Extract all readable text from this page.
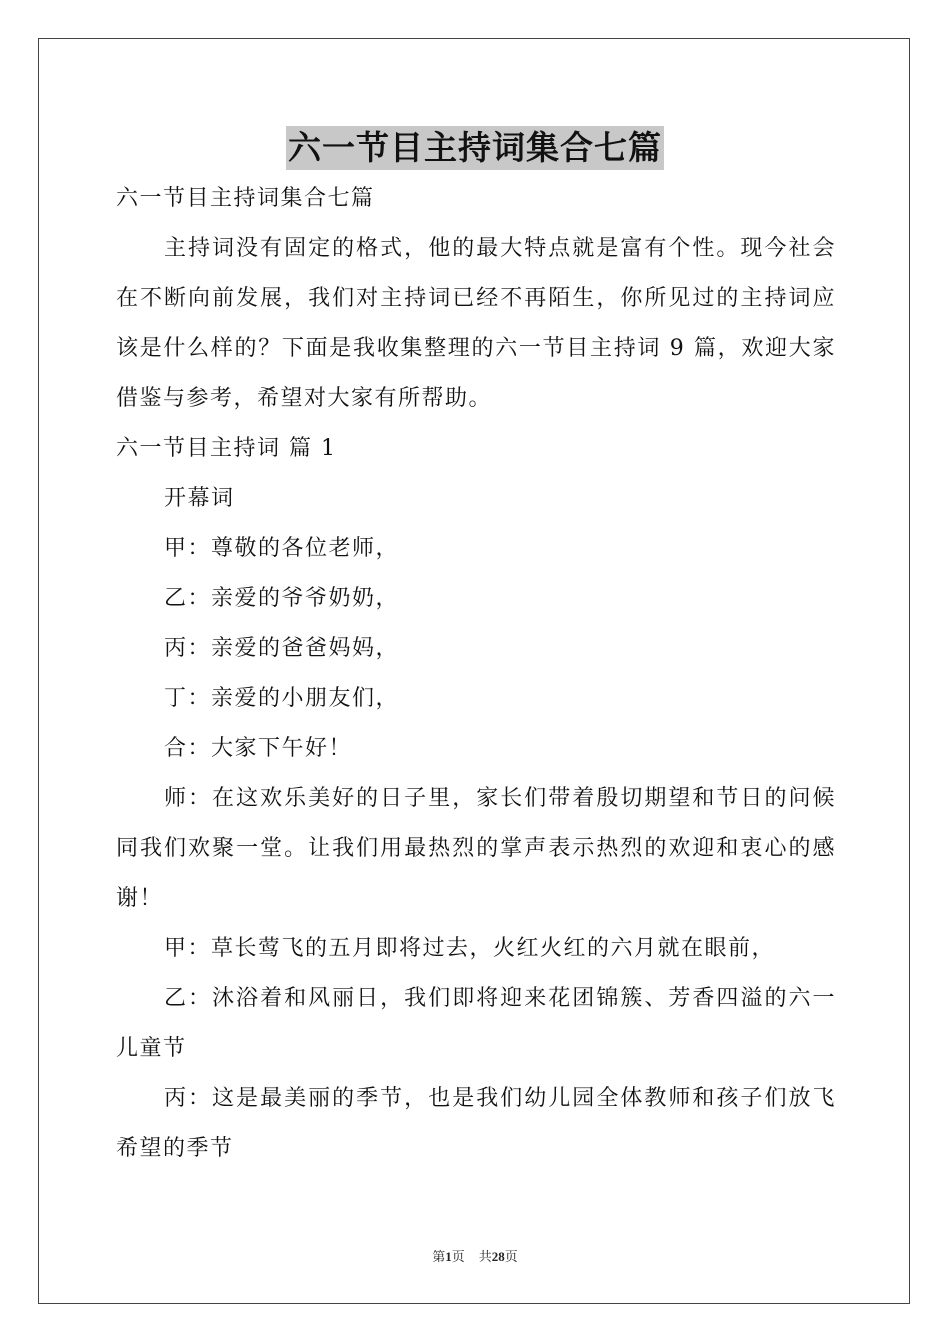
六一节目主持词集合七篇

六一节目主持词集合七篇

主持词没有固定的格式，他的最大特点就是富有个性。现今社会在不断向前发展，我们对主持词已经不再陌生，你所见过的主持词应该是什么样的？下面是我收集整理的六一节目主持词 9 篇，欢迎大家借鉴与参考，希望对大家有所帮助。

六一节目主持词 篇 1

开幕词

甲：尊敬的各位老师，

乙：亲爱的爷爷奶奶，

丙：亲爱的爸爸妈妈，

丁：亲爱的小朋友们，

合：大家下午好！

师：在这欢乐美好的日子里，家长们带着殷切期望和节日的问候同我们欢聚一堂。让我们用最热烈的掌声表示热烈的欢迎和衷心的感谢！

甲：草长莺飞的五月即将过去，火红火红的六月就在眼前，

乙：沐浴着和风丽日，我们即将迎来花团锦簇、芳香四溢的六一儿童节

丙：这是最美丽的季节，也是我们幼儿园全体教师和孩子们放飞希望的季节

第1页 共28页
